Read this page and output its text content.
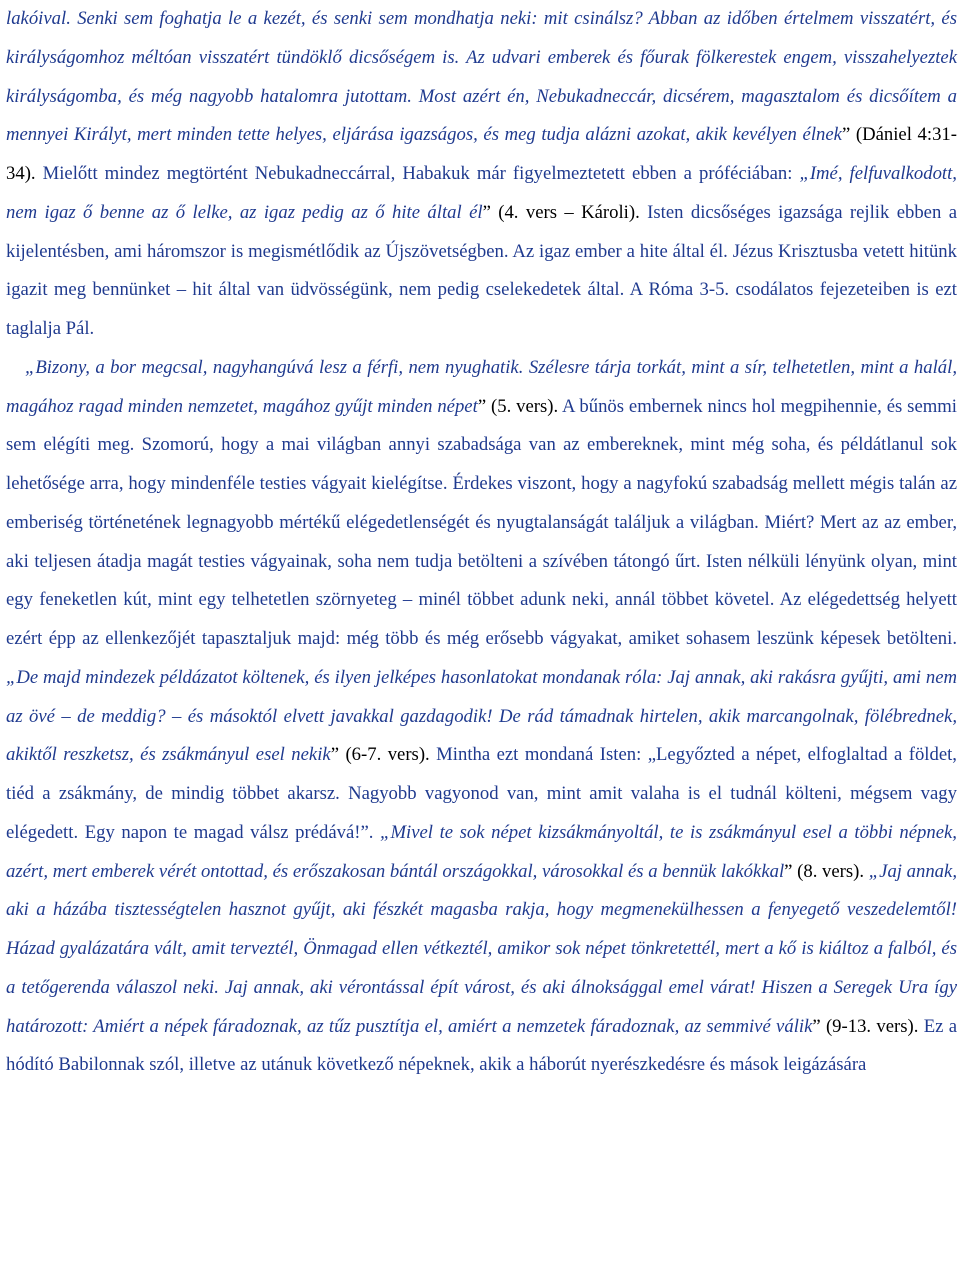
lakóival. Senki sem foghatja le a kezét, és senki sem mondhatja neki: mit csinálsz? Abban az időben értelmem visszatért, és királyságomhoz méltóan visszatért tündöklő dicsőségem is. Az udvari emberek és főurak fölkerestek engem, visszahelyeztek királyságomba, és még nagyobb hatalomra jutottam. Most azért én, Nebukadneccár, dicsérem, magasztalom és dicsőítem a mennyei Királyt, mert minden tette helyes, eljárása igazságos, és meg tudja alázni azokat, akik kevélyen élnek” (Dániel 4:31-34). Mielőtt mindez megtörtént Nebukadneccárral, Habakuk már figyelmeztetett ebben a próféciában: „Imé, felfuvalkodott, nem igaz ő benne az ő lelke, az igaz pedig az ő hite által él” (4. vers – Károli). Isten dicsőséges igazsága rejlik ebben a kijelentésben, ami háromszor is megismétlődik az Újszövetségben. Az igaz ember a hite által él. Jézus Krisztusba vetett hitünk igazit meg bennünket – hit által van üdvösségünk, nem pedig cselekedetek által. A Róma 3-5. csodálatos fejezeteiben is ezt taglalja Pál.

„Bizony, a bor megcsal, nagyhangúvá lesz a férfi, nem nyughatik. Szélesre tárja torkát, mint a sír, telhetetlen, mint a halál, magához ragad minden nemzetet, magához gyűjt minden népet” (5. vers). A bűnös embernek nincs hol megpihennie, és semmi sem elégíti meg. Szomorú, hogy a mai világban annyi szabadsága van az embereknek, mint még soha, és példátlanul sok lehetősége arra, hogy mindenféle testies vágyait kielégítse. Érdekes viszont, hogy a nagyfokú szabadság mellett mégis talán az emberiség történetének legnagyobb mértékű elégedetlenségét és nyugtalanságát találjuk a világban. Miért? Mert az az ember, aki teljesen átadja magát testies vágyainak, soha nem tudja betölteni a szívében tátongó űrt. Isten nélküli lényünk olyan, mint egy feneketlen kút, mint egy telhetetlen szörnyeteg – minél többet adunk neki, annál többet követel. Az elégedettség helyett ezért épp az ellenkezőjét tapasztaljuk majd: még több és még erősebb vágyakat, amiket sohasem leszünk képesek betölteni. „De majd mindezek példázatot költenek, és ilyen jelképes hasonlatokat mondanak róla: Jaj annak, aki rakásra gyűjti, ami nem az övé – de meddig? – és másoktól elvett javakkal gazdagodik! De rád támadnak hirtelen, akik marcangolnak, fölébrednek, akiktől reszketsz, és zsákmányul esel nekik” (6-7. vers). Mintha ezt mondaná Isten: „Legyőzted a népet, elfoglaltad a földet, tiéd a zsákmány, de mindig többet akarsz. Nagyobb vagyonod van, mint amit valaha is el tudnál költeni, mégsem vagy elégedett. Egy napon te magad válsz prédává!”. „Mivel te sok népet kizsákmányoltál, te is zsákmányul esel a többi népnek, azért, mert emberek vérét ontottad, és erőszakosan bántál országokkal, városokkal és a bennük lakókkal” (8. vers). „Jaj annak, aki a házába tisztességtelen hasznot gyűjt, aki fészkét magasba rakja, hogy megmenekülhessen a fenyegető veszedelemtől! Házad gyalázatára vált, amit terveztél, Önmagad ellen vétkeztél, amikor sok népet tönkretettél, mert a kő is kiáltoz a falból, és a tetőgerenda válaszol neki. Jaj annak, aki vérontással épít várost, és aki álnoksággal emel várat! Hiszen a Seregek Ura így határozott: Amiért a népek fáradoznak, az tűz pusztítja el, amiért a nemzetek fáradoznak, az semmivé válik” (9-13. vers). Ez a hódító Babilonnak szól, illetve az utánuk következő népeknek, akik a háborút nyerészkedésre és mások leigázására
